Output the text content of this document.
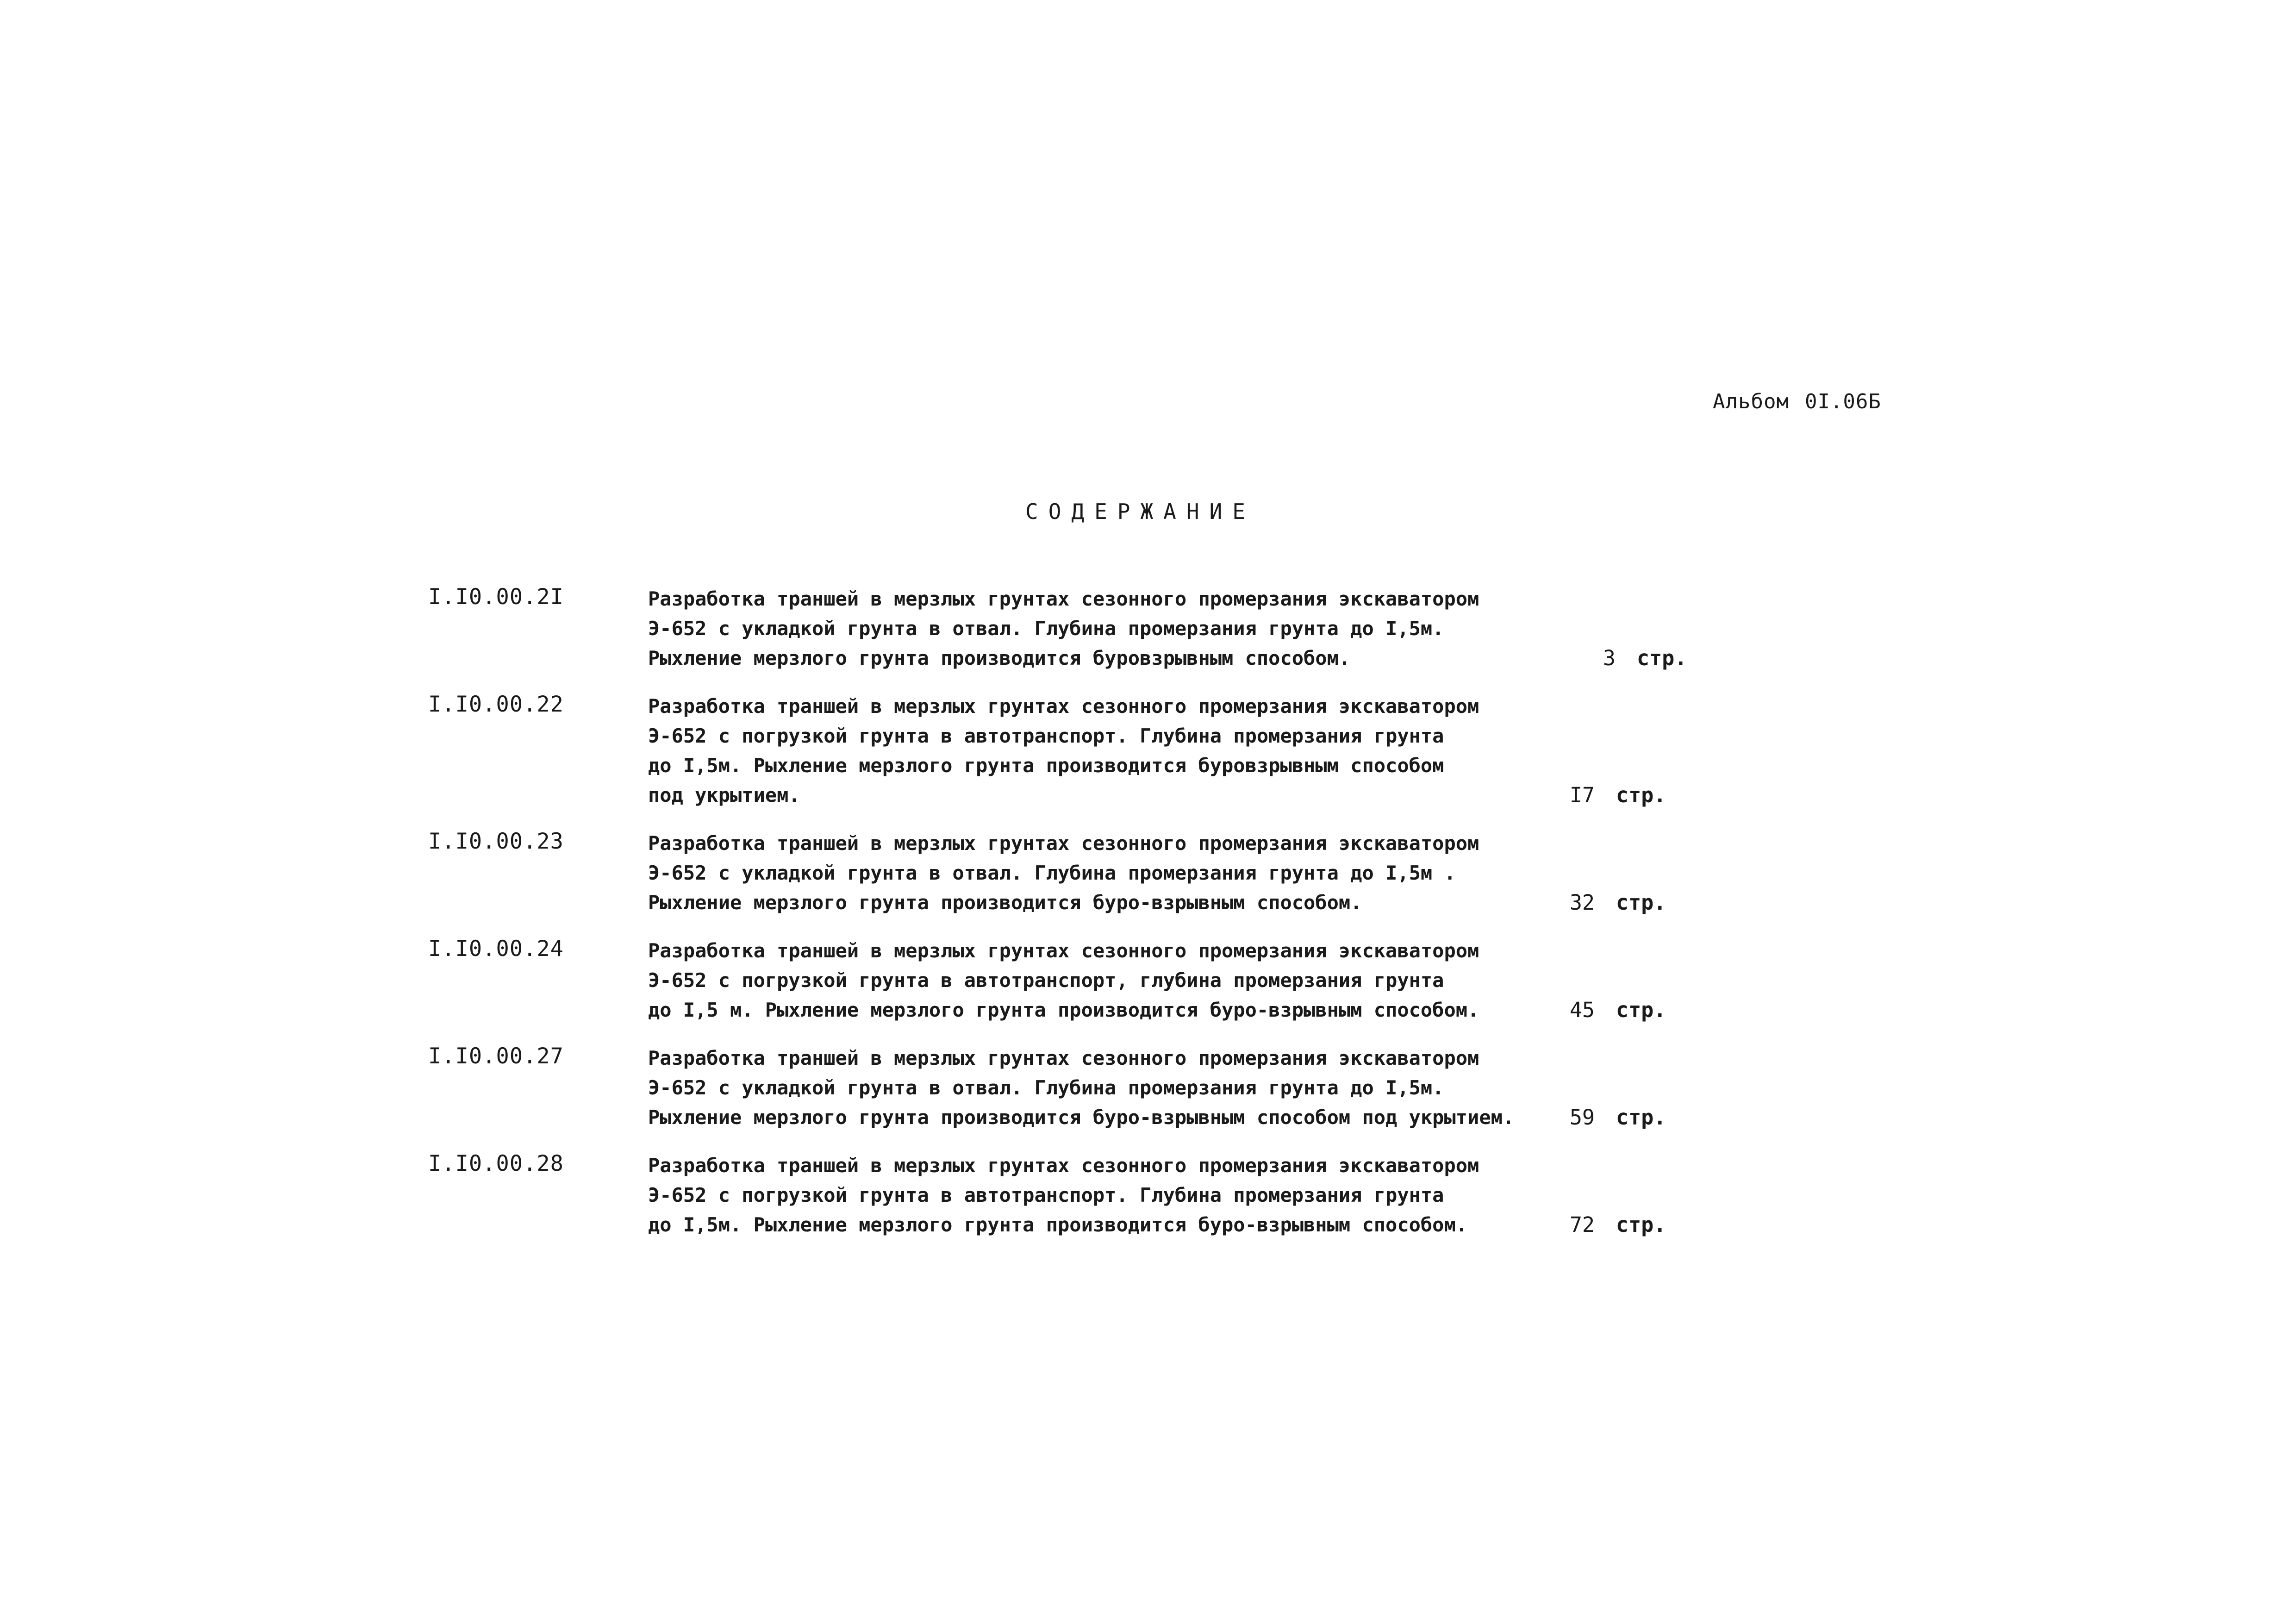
Альбом 0I.06Б
СОДЕРЖАНИЕ
I.I0.00.2I	Разработка траншей в мерзлых грунтах сезонного промерзания экскаватором
Э-652 с укладкой грунта в отвал. Глубина промерзания грунта до I,5м.
Рыхление мерзлого грунта производится буровзрывным способом.	3 стр.
I.I0.00.22	Разработка траншей в мерзлых грунтах сезонного промерзания экскаватором
Э-652 с погрузкой грунта в автотранспорт. Глубина промерзания грунта
до I,5м. Рыхление мерзлого грунта производится буровзрывным способом
под укрытием.	I7 стр.
I.I0.00.23	Разработка траншей в мерзлых грунтах сезонного промерзания экскаватором
Э-652 с укладкой грунта в отвал. Глубина промерзания грунта до I,5м .
Рыхление мерзлого грунта производится буро-взрывным способом.	32 стр.
I.I0.00.24	Разработка траншей в мерзлых грунтах сезонного промерзания экскаватором
Э-652 с погрузкой грунта в автотранспорт, глубина промерзания грунта
до I,5 м. Рыхление мерзлого грунта производится буро-взрывным способом.	45 стр.
I.I0.00.27	Разработка траншей в мерзлых грунтах сезонного промерзания экскаватором
Э-652 с укладкой грунта в отвал. Глубина промерзания грунта до I,5м.
Рыхление мерзлого грунта производится буро-взрывным способом под укрытием.	59 стр.
I.I0.00.28	Разработка траншей в мерзлых грунтах сезонного промерзания экскаватором
Э-652 с погрузкой грунта в автотранспорт. Глубина промерзания грунта
до I,5м. Рыхление мерзлого грунта производится буро-взрывным способом.	72 стр.
